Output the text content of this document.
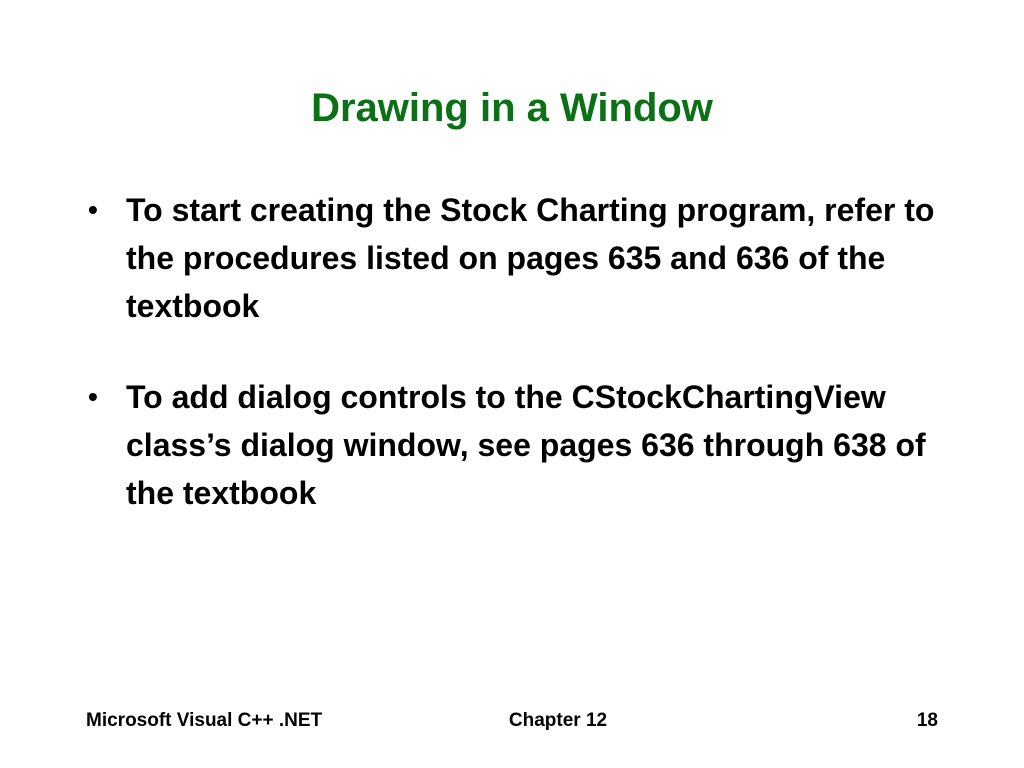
Drawing in a Window
• To start creating the Stock Charting program, refer to the procedures listed on pages 635 and 636 of the textbook
• To add dialog controls to the CStockChartingView class’s dialog window, see pages 636 through 638 of the textbook
Microsoft Visual C++ .NET	Chapter 12	18
